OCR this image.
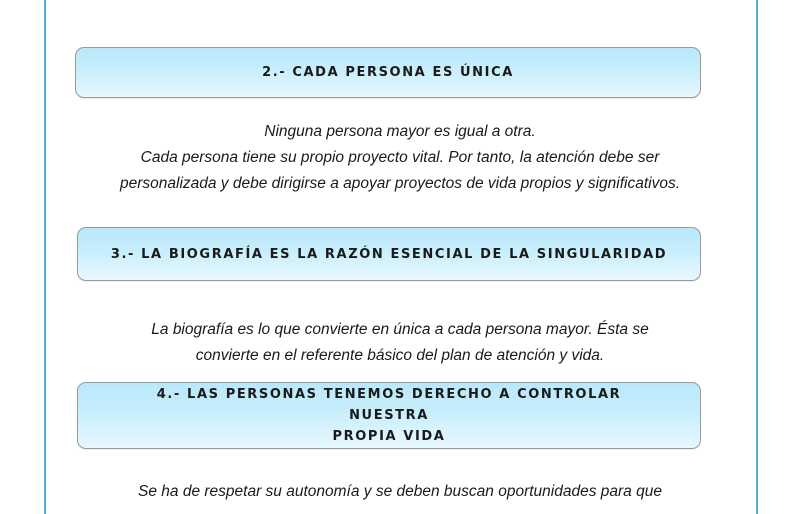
2.- CADA PERSONA ES ÚNICA
Ninguna persona mayor es igual a otra.
Cada persona tiene su propio proyecto vital. Por tanto, la atención debe ser
personalizada y debe dirigirse a apoyar proyectos de vida propios y significativos.
3.- LA BIOGRAFÍA ES LA RAZÓN ESENCIAL DE LA SINGULARIDAD
La biografía es lo que convierte en única a cada persona mayor. Ésta se
convierte en el referente básico del plan de atención y vida.
4.- LAS PERSONAS TENEMOS DERECHO A CONTROLAR NUESTRA
PROPIA VIDA
Se ha de respetar su autonomía y se deben buscan oportunidades para que
